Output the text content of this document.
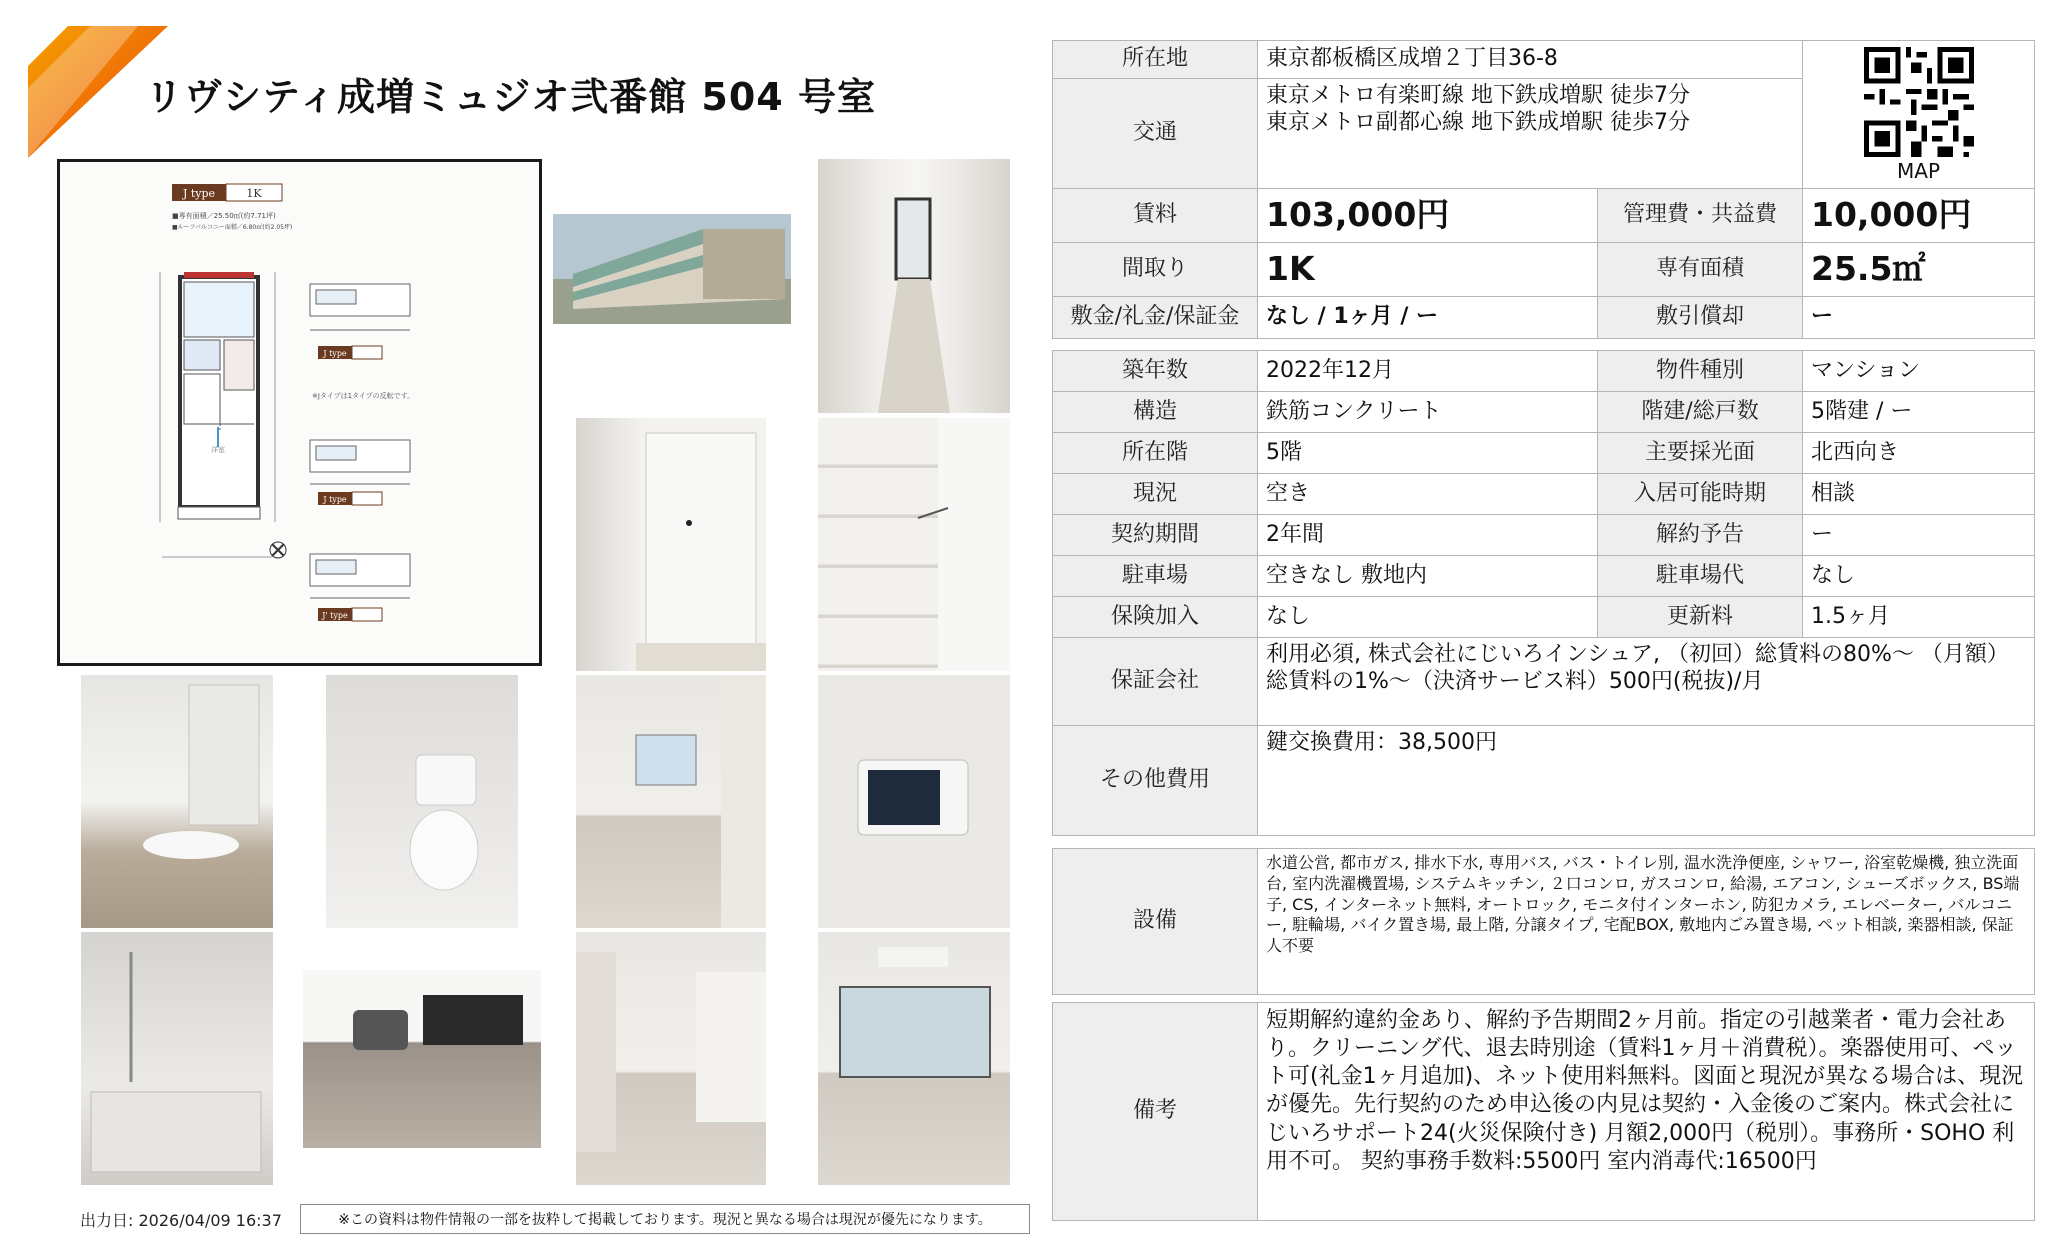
リヴシティ成増ミュジオ弐番館 504 号室
J type	1K
■専有面積／25.50㎡(約7.71坪)
■ルーフバルコニー面積／6.80㎡(約2.05坪)
洋室
J type
※Jタイプは1タイプの反転です。
J type
J' type
出力日: 2026/04/09 16:37	※この資料は物件情報の一部を抜粋して掲載しております。現況と異なる場合は現況が優先になります。
所在地	東京都板橋区成増２丁目36-8		MAP

交通	東京メトロ有楽町線 地下鉄成増駅 徒歩7分
東京メトロ副都心線 地下鉄成増駅 徒歩7分		

賃料	103,000円	管理費・共益費	10,000円
間取り	1K	専有面積	25.5㎡
敷金/礼金/保証金	なし / 1ヶ月 / ー	敷引償却	ー
築年数	2022年12月	物件種別	マンション
構造	鉄筋コンクリート	階建/総戸数	5階建 / ー
所在階	5階	主要採光面	北西向き
現況	空き	入居可能時期	相談
契約期間	2年間	解約予告	ー
駐車場	空きなし 敷地内	駐車場代	なし
保険加入	なし	更新料	1.5ヶ月
保証会社	利用必須, 株式会社にじいろインシュア, （初回）総賃料の80%〜 （月額）総賃料の1%〜（決済サービス料）500円(税抜)/月		
その他費用	鍵交換費用：38,500円		
設備	水道公営, 都市ガス, 排水下水, 専用バス, バス・トイレ別, 温水洗浄便座, シャワー, 浴室乾燥機, 独立洗面台, 室内洗濯機置場, システムキッチン, ２口コンロ, ガスコンロ, 給湯, エアコン, シューズボックス, BS端子, CS, インターネット無料, オートロック, モニタ付インターホン, 防犯カメラ, エレベーター, バルコニー, 駐輪場, バイク置き場, 最上階, 分譲タイプ, 宅配BOX, 敷地内ごみ置き場, ペット相談, 楽器相談, 保証人不要
備考	短期解約違約金あり、解約予告期間2ヶ月前。指定の引越業者・電力会社あり。クリーニング代、退去時別途（賃料1ヶ月＋消費税）。楽器使用可、ペット可(礼金1ヶ月追加)、ネット使用料無料。図面と現況が異なる場合は、現況が優先。先行契約のため申込後の内見は契約・入金後のご案内。株式会社にじいろサポート24(火災保険付き) 月額2,000円（税別）。事務所・SOHO 利用不可。 契約事務手数料:5500円 室内消毒代:16500円
